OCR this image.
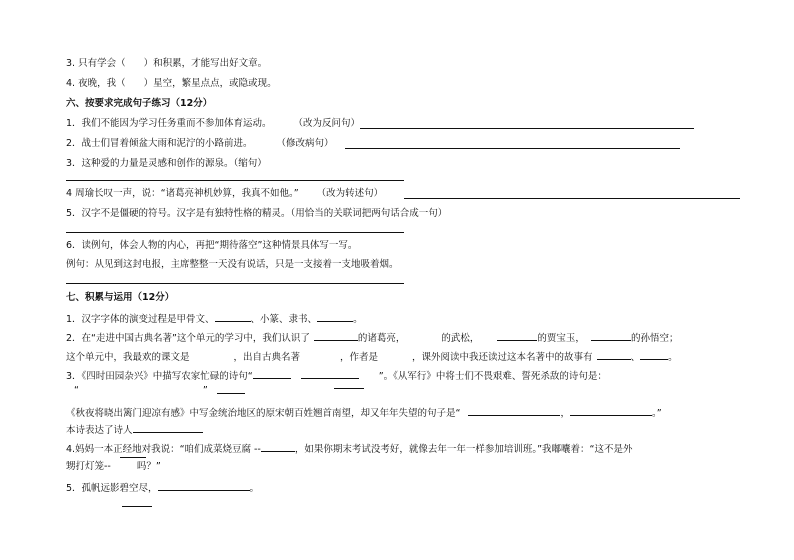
3. 只有学会（ ）和积累，才能写出好文章。
4. 夜晚，我（ ）星空，繁星点点，或隐或现。
六、按要求完成句子练习（12分）
1．我们不能因为学习任务重而不参加体育运动。 （改为反问句）
2．战士们冒着倾盆大雨和泥泞的小路前进。	（修改病句）
3．这种爱的力量是灵感和创作的源泉。（缩句）
4 周瑜长叹一声，说：“诸葛亮神机妙算，我真不如他。” （改为转述句）
5．汉字不是僵硬的符号。汉字是有独特性格的精灵。（用恰当的关联词把两句话合成一句）
6．读例句，体会人物的内心，再把“期待落空”这种情景具体写一写。
例句：从见到这封电报，主席整整一天没有说话，只是一支接着一支地吸着烟。
七、积累与运用（12分）
1．汉字字体的演变过程是甲骨文、	、小篆、隶书、	。
2．在“走进中国古典名著”这个单元的学习中，我们认识了	的诸葛亮，	的武松，	的贾宝玉，	的孙悟空；
这个单元中，我最欢的课文是	，出自古典名著	，作者是	，课外阅读中我还读过这本名著中的故事有	、	。
3．《四时田园杂兴》中描写农家忙碌的诗句“	”。《从军行》中将士们不畏艰难、誓死杀敌的诗句是：
“	”
《秋夜将晓出篱门迎凉有感》中写金统治地区的原宋朝百姓翘首南望，却又年年失望的句子是“	，	。”
本诗表达了诗人
4.妈妈一本正经地对我说：“咱们成菜烧豆腐 --	，如果你期末考试没考好，就像去年一年一样参加培训班。”我嘟囔着：“这不是外
甥打灯笼--	吗？”
5．孤帆远影碧空尽，	。
